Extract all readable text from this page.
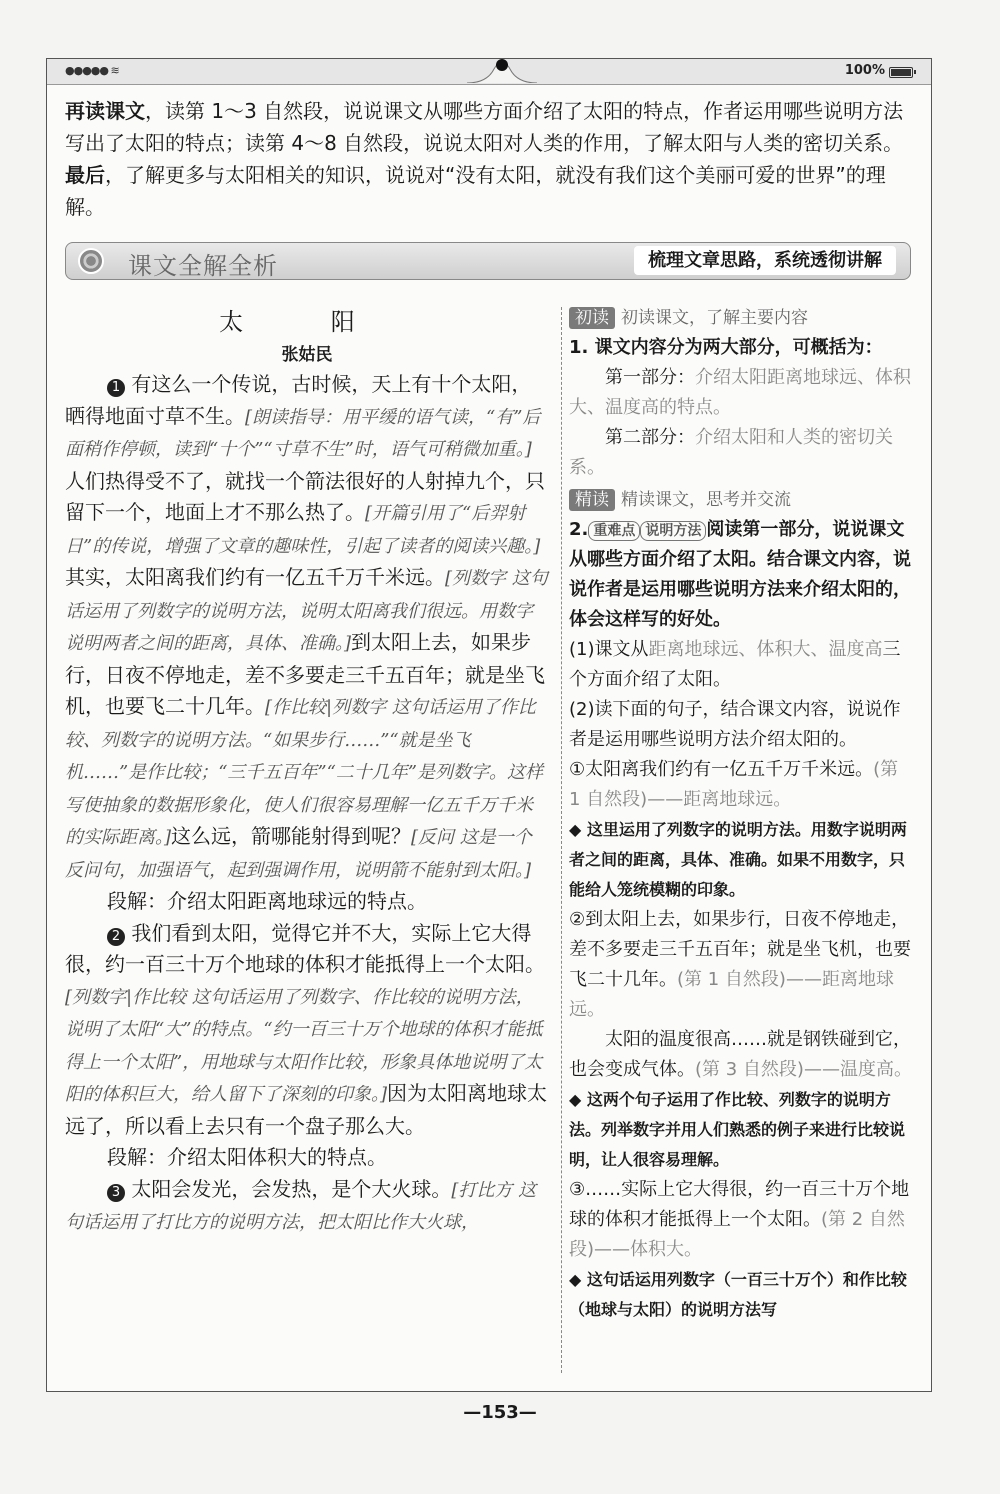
●●●●● ≋	100%
再读课文，读第 1～3 自然段，说说课文从哪些方面介绍了太阳的特点，作者运用哪些说明方法写出了太阳的特点；读第 4～8 自然段，说说太阳对人类的作用，了解太阳与人类的密切关系。最后，了解更多与太阳相关的知识，说说对“没有太阳，就没有我们这个美丽可爱的世界”的理解。
课文全解全析	梳理文章思路，系统透彻讲解
太 阳
张姑民

1 有这么一个传说，古时候，天上有十个太阳，晒得地面寸草不生。[朗读指导：用平缓的语气读，“有”后面稍作停顿，读到“十个”“寸草不生”时，语气可稍微加重。]人们热得受不了，就找一个箭法很好的人射掉九个，只留下一个，地面上才不那么热了。[开篇引用了“后羿射日”的传说，增强了文章的趣味性，引起了读者的阅读兴趣。]其实，太阳离我们约有一亿五千万千米远。[列数字 这句话运用了列数字的说明方法，说明太阳离我们很远。用数字说明两者之间的距离，具体、准确。]到太阳上去，如果步行，日夜不停地走，差不多要走三千五百年；就是坐飞机，也要飞二十几年。[作比较|列数字 这句话运用了作比较、列数字的说明方法。“如果步行……”“就是坐飞机……”是作比较；“三千五百年”“二十几年”是列数字。这样写使抽象的数据形象化，使人们很容易理解一亿五千万千米的实际距离。]这么远，箭哪能射得到呢？[反问 这是一个反问句，加强语气，起到强调作用，说明箭不能射到太阳。]

段解：介绍太阳距离地球远的特点。

2 我们看到太阳，觉得它并不大，实际上它大得很，约一百三十万个地球的体积才能抵得上一个太阳。[列数字|作比较 这句话运用了列数字、作比较的说明方法，说明了太阳“大”的特点。“约一百三十万个地球的体积才能抵得上一个太阳”，用地球与太阳作比较，形象具体地说明了太阳的体积巨大，给人留下了深刻的印象。]因为太阳离地球太远了，所以看上去只有一个盘子那么大。

段解：介绍太阳体积大的特点。

3 太阳会发光，会发热，是个大火球。[打比方 这句话运用了打比方的说明方法，把太阳比作大火球，

初读 初读课文，了解主要内容

1. 课文内容分为两大部分，可概括为：

第一部分：介绍太阳距离地球远、体积大、温度高的特点。

第二部分：介绍太阳和人类的密切关系。

精读 精读课文，思考并交流

2. 重难点 说明方法 阅读第一部分，说说课文从哪些方面介绍了太阳。结合课文内容，说说作者是运用哪些说明方法来介绍太阳的，体会这样写的好处。

(1)课文从距离地球远、体积大、温度高三个方面介绍了太阳。

(2)读下面的句子，结合课文内容，说说作者是运用哪些说明方法介绍太阳的。

①太阳离我们约有一亿五千万千米远。(第 1 自然段)——距离地球远。

◆ 这里运用了列数字的说明方法。用数字说明两者之间的距离，具体、准确。如果不用数字，只能给人笼统模糊的印象。

②到太阳上去，如果步行，日夜不停地走，差不多要走三千五百年；就是坐飞机，也要飞二十几年。(第 1 自然段)——距离地球远。

太阳的温度很高……就是钢铁碰到它，也会变成气体。(第 3 自然段)——温度高。

◆ 这两个句子运用了作比较、列数字的说明方法。列举数字并用人们熟悉的例子来进行比较说明，让人很容易理解。

③……实际上它大得很，约一百三十万个地球的体积才能抵得上一个太阳。(第 2 自然段)——体积大。

◆ 这句话运用列数字（一百三十万个）和作比较（地球与太阳）的说明方法写

—153—
